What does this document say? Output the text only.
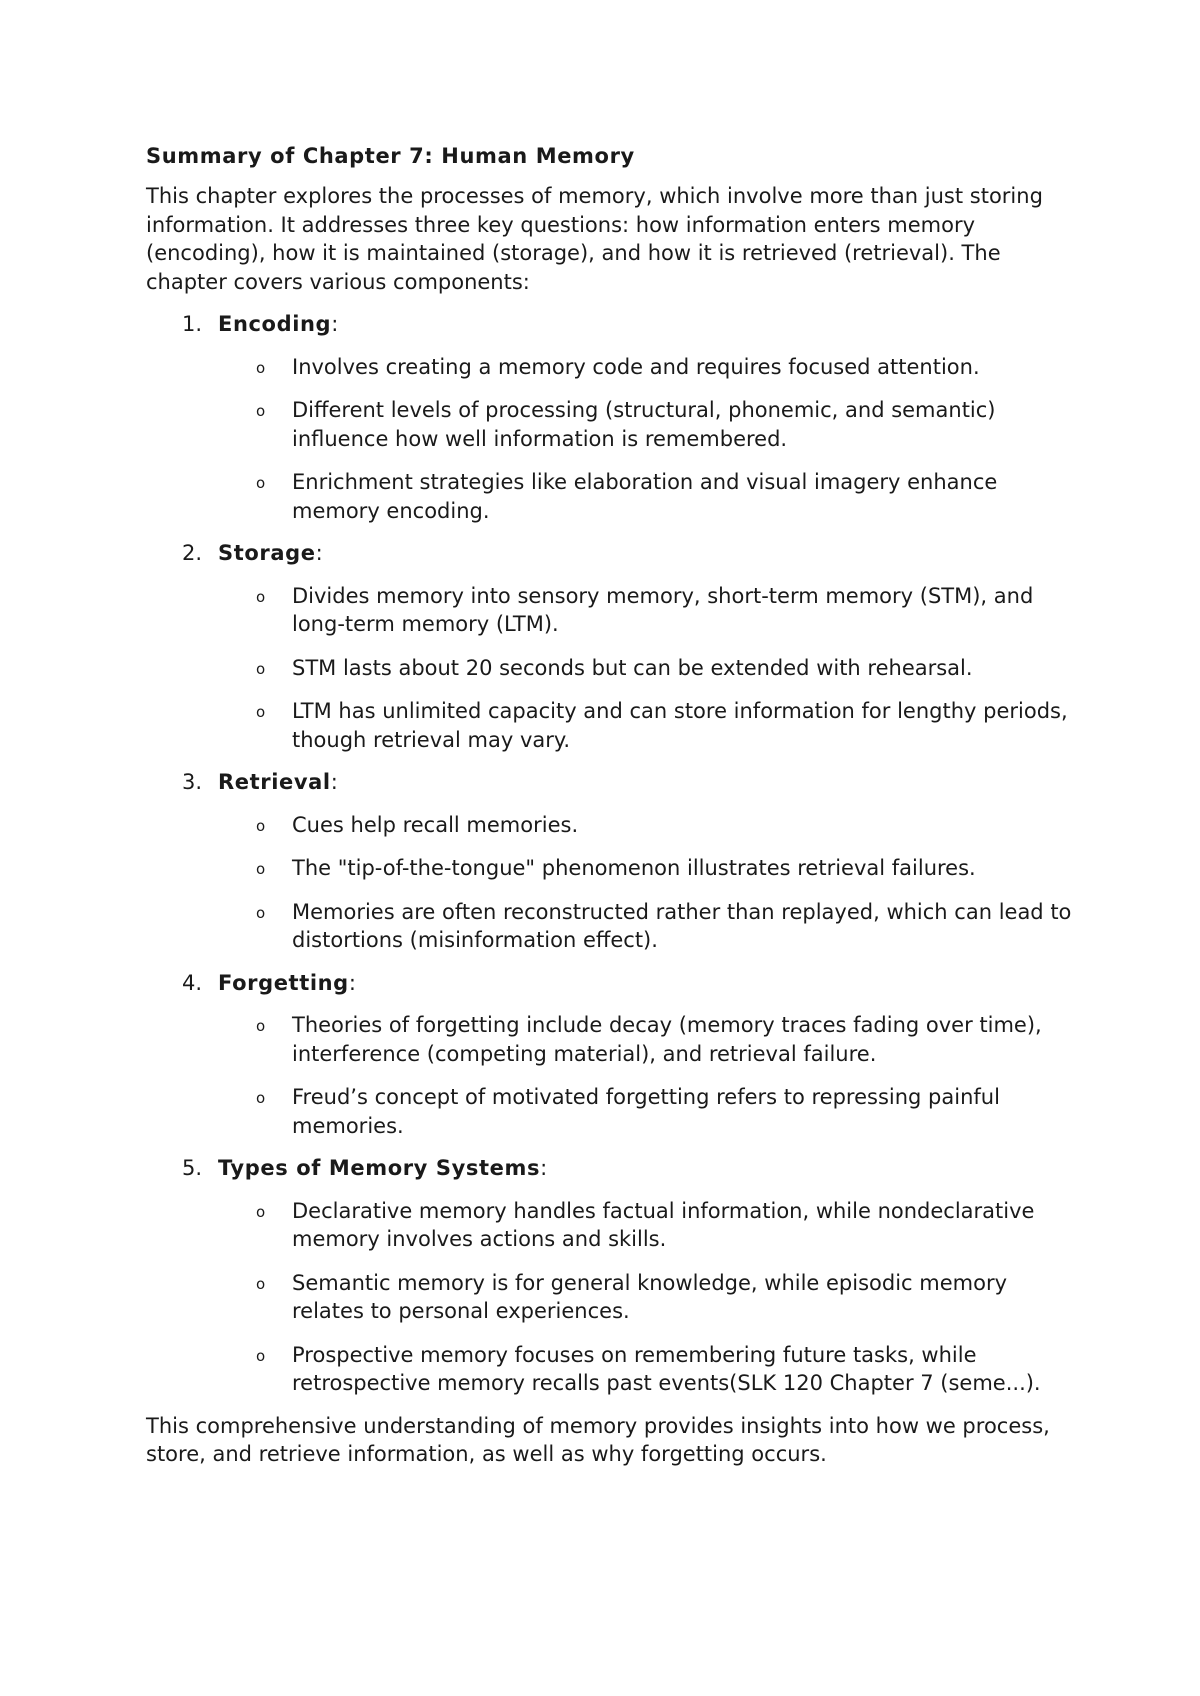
Summary of Chapter 7: Human Memory

This chapter explores the processes of memory, which involve more than just storing information. It addresses three key questions: how information enters memory (encoding), how it is maintained (storage), and how it is retrieved (retrieval). The chapter covers various components:

1. Encoding:
o Involves creating a memory code and requires focused attention.
o Different levels of processing (structural, phonemic, and semantic) influence how well information is remembered.
o Enrichment strategies like elaboration and visual imagery enhance memory encoding.
2. Storage:
o Divides memory into sensory memory, short-term memory (STM), and long-term memory (LTM).
o STM lasts about 20 seconds but can be extended with rehearsal.
o LTM has unlimited capacity and can store information for lengthy periods, though retrieval may vary.
3. Retrieval:
o Cues help recall memories.
o The "tip-of-the-tongue" phenomenon illustrates retrieval failures.
o Memories are often reconstructed rather than replayed, which can lead to distortions (misinformation effect).
4. Forgetting:
o Theories of forgetting include decay (memory traces fading over time), interference (competing material), and retrieval failure.
o Freud’s concept of motivated forgetting refers to repressing painful memories.
5. Types of Memory Systems:
o Declarative memory handles factual information, while nondeclarative memory involves actions and skills.
o Semantic memory is for general knowledge, while episodic memory relates to personal experiences.
o Prospective memory focuses on remembering future tasks, while retrospective memory recalls past events(SLK 120 Chapter 7 (seme...).

This comprehensive understanding of memory provides insights into how we process, store, and retrieve information, as well as why forgetting occurs.
